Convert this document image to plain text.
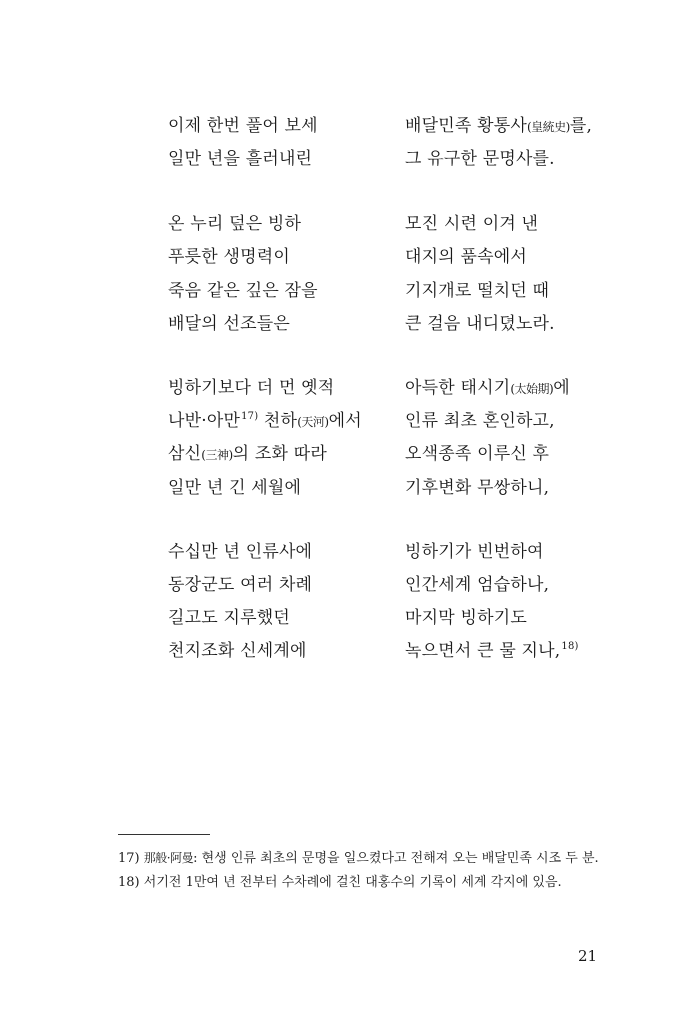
이제 한번 풀어 보세
일만 년을 흘러내린
배달민족 황통사(皇統史)를,
그 유구한 문명사를.
온 누리 덮은 빙하
푸릇한 생명력이
죽음 같은 깊은 잠을
배달의 선조들은
모진 시련 이겨 낸
대지의 품속에서
기지개로 떨치던 때
큰 걸음 내디뎠노라.
빙하기보다 더 먼 옛적
나반·아만$^{17)}$ 천하(天河)에서
삼신(三神)의 조화 따라
일만 년 긴 세월에
아득한 태시기(太始期)에
인류 최초 혼인하고,
오색종족 이루신 후
기후변화 무쌍하니,
수십만 년 인류사에
동장군도 여러 차례
길고도 지루했던
천지조화 신세계에
빙하기가 빈번하여
인간세계 엄습하나,
마지막 빙하기도
녹으면서 큰 물 지나,$^{18)}$
17) 那般·阿曼: 현생 인류 최초의 문명을 일으켰다고 전해져 오는 배달민족 시조 두 분.
18) 서기전 1만여 년 전부터 수차례에 걸친 대홍수의 기록이 세계 각지에 있음.
21
